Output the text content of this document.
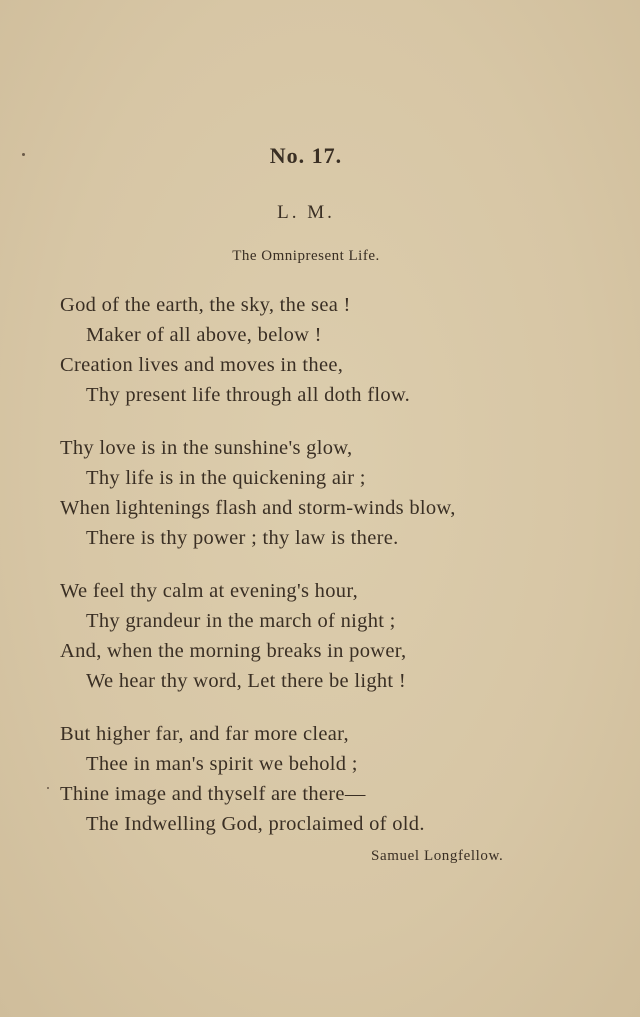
No. 17.
L. M.
The Omnipresent Life.
God of the earth, the sky, the sea !
Maker of all above, below !
Creation lives and moves in thee,
Thy present life through all doth flow.
Thy love is in the sunshine's glow,
Thy life is in the quickening air ;
When lightenings flash and storm-winds blow,
There is thy power ; thy law is there.
We feel thy calm at evening's hour,
Thy grandeur in the march of night ;
And, when the morning breaks in power,
We hear thy word, Let there be light !
But higher far, and far more clear,
Thee in man's spirit we behold ;
Thine image and thyself are there—
The Indwelling God, proclaimed of old.
Samuel Longfellow.
